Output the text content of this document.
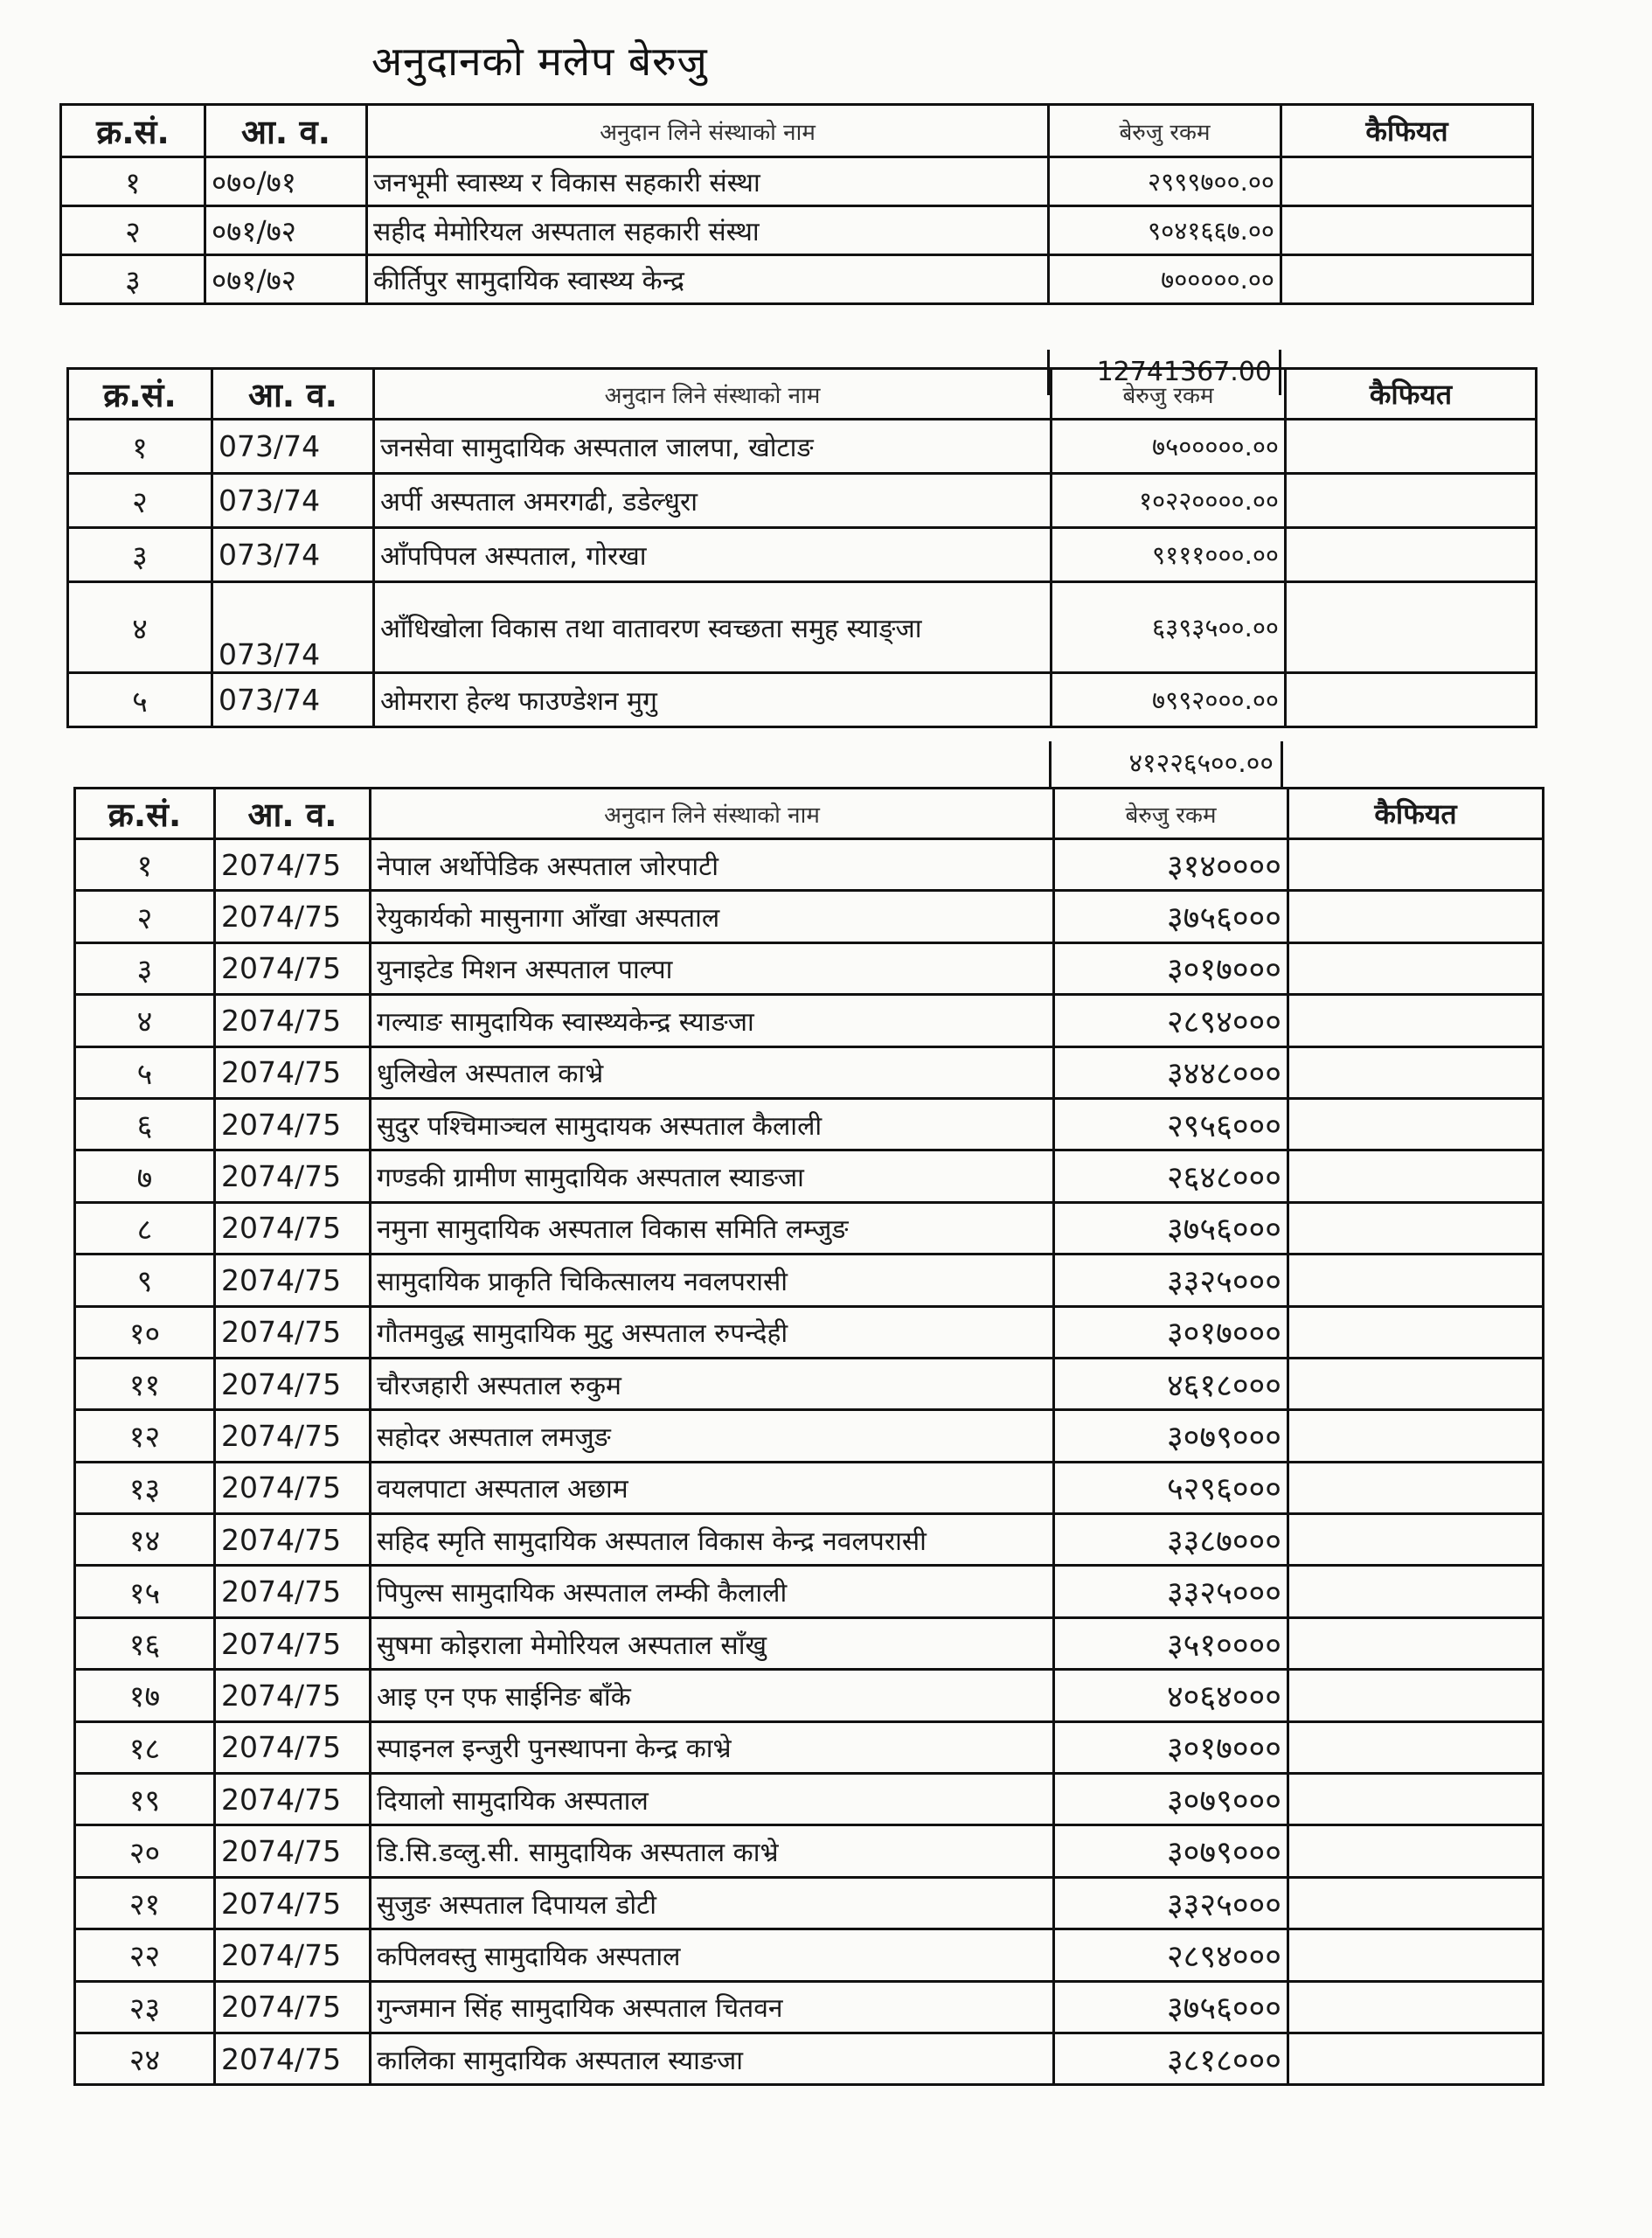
अनुदानको मलेप बेरुजु
क्र.सं.	आ. व.	अनुदान लिने संस्थाको नाम	बेरुजु रकम	कैफियत
१	०७०/७१	जनभूमी स्वास्थ्य र विकास सहकारी संस्था	२९९९७००.००	
२	०७१/७२	सहीद मेमोरियल अस्पताल सहकारी संस्था	९०४१६६७.००	
३	०७१/७२	कीर्तिपुर सामुदायिक स्वास्थ्य केन्द्र	७०००००.००	
12741367.00
क्र.सं.	आ. व.	अनुदान लिने संस्थाको नाम	बेरुजु रकम	कैफियत
१	073/74	जनसेवा सामुदायिक अस्पताल जालपा, खोटाङ	७५०००००.००	
२	073/74	अर्पी अस्पताल अमरगढी, डडेल्धुरा	१०२२००००.००	
३	073/74	आँपपिपल अस्पताल, गोरखा	९१११०००.००	
४	073/74	आँधिखोला विकास तथा वातावरण स्वच्छता समुह स्याङ्जा	६३९३५००.००	
५	073/74	ओमरारा हेल्थ फाउण्डेशन मुगु	७९९२०००.००	
४१२२६५००.००
क्र.सं.	आ. व.	अनुदान लिने संस्थाको नाम	बेरुजु रकम	कैफियत
१	2074/75	नेपाल अर्थोपेडिक अस्पताल जोरपाटी	३१४००००	
२	2074/75	रेयुकार्यको मासुनागा आँखा अस्पताल	३७५६०००	
३	2074/75	युनाइटेड मिशन अस्पताल पाल्पा	३०१७०००	
४	2074/75	गल्याङ सामुदायिक स्वास्थ्यकेन्द्र स्याङजा	२८९४०००	
५	2074/75	धुलिखेल अस्पताल काभ्रे	३४४८०००	
६	2074/75	सुदुर पश्चिमाञ्चल सामुदायक अस्पताल कैलाली	२९५६०००	
७	2074/75	गण्डकी ग्रामीण सामुदायिक अस्पताल स्याङजा	२६४८०००	
८	2074/75	नमुना सामुदायिक अस्पताल विकास समिति लम्जुङ	३७५६०००	
९	2074/75	सामुदायिक प्राकृति चिकित्सालय नवलपरासी	३३२५०००	
१०	2074/75	गौतमवुद्ध सामुदायिक मुटु अस्पताल रुपन्देही	३०१७०००	
११	2074/75	चौरजहारी अस्पताल रुकुम	४६१८०००	
१२	2074/75	सहोदर अस्पताल लमजुङ	३०७९०००	
१३	2074/75	वयलपाटा अस्पताल अछाम	५२९६०००	
१४	2074/75	सहिद स्मृति सामुदायिक अस्पताल विकास केन्द्र नवलपरासी	३३८७०००	
१५	2074/75	पिपुल्स सामुदायिक अस्पताल लम्की कैलाली	३३२५०००	
१६	2074/75	सुषमा कोइराला मेमोरियल अस्पताल साँखु	३५१००००	
१७	2074/75	आइ एन एफ साईनिङ बाँके	४०६४०००	
१८	2074/75	स्पाइनल इन्जुरी पुनस्थापना केन्द्र काभ्रे	३०१७०००	
१९	2074/75	दियालो सामुदायिक अस्पताल	३०७९०००	
२०	2074/75	डि.सि.डव्लु.सी. सामुदायिक अस्पताल काभ्रे	३०७९०००	
२१	2074/75	सुजुङ अस्पताल दिपायल डोटी	३३२५०००	
२२	2074/75	कपिलवस्तु सामुदायिक अस्पताल	२८९४०००	
२३	2074/75	गुन्जमान सिंह सामुदायिक अस्पताल चितवन	३७५६०००	
२४	2074/75	कालिका सामुदायिक अस्पताल स्याङजा	३८१८०००	
